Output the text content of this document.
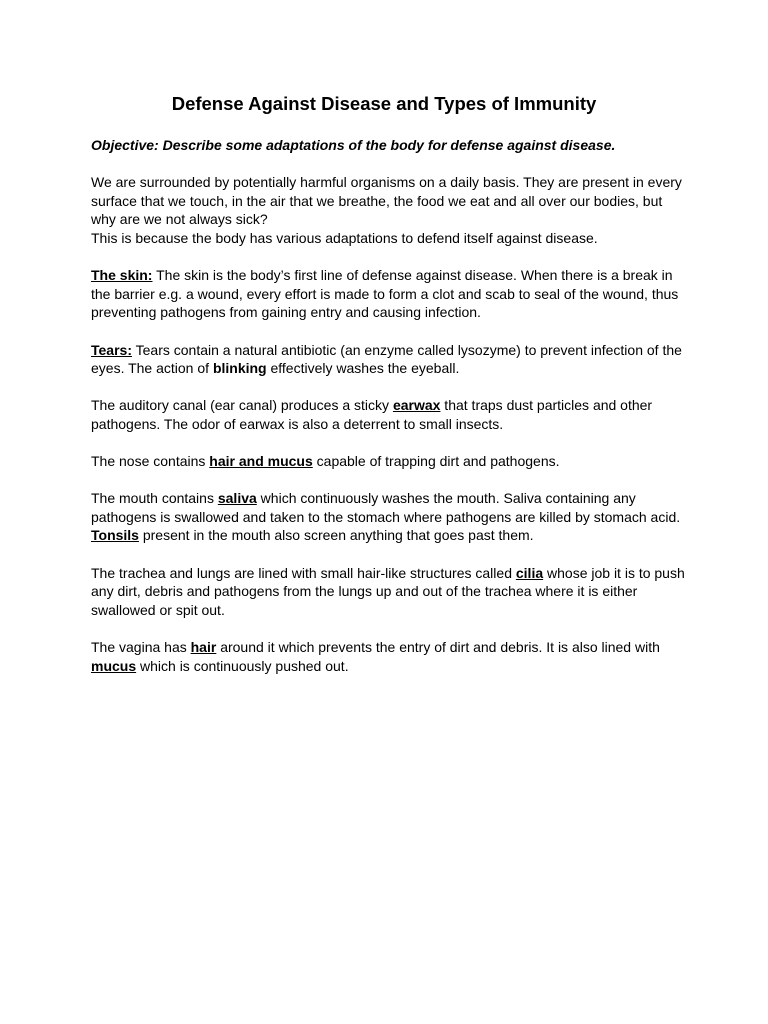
Defense Against Disease and Types of Immunity

Objective: Describe some adaptations of the body for defense against disease.

We are surrounded by potentially harmful organisms on a daily basis. They are present in every surface that we touch, in the air that we breathe, the food we eat and all over our bodies, but why are we not always sick?

This is because the body has various adaptations to defend itself against disease.

The skin: The skin is the body’s first line of defense against disease. When there is a break in the barrier e.g. a wound, every effort is made to form a clot and scab to seal of the wound, thus preventing pathogens from gaining entry and causing infection.

Tears: Tears contain a natural antibiotic (an enzyme called lysozyme) to prevent infection of the eyes. The action of blinking effectively washes the eyeball.

The auditory canal (ear canal) produces a sticky earwax that traps dust particles and other pathogens. The odor of earwax is also a deterrent to small insects.

The nose contains hair and mucus capable of trapping dirt and pathogens.

The mouth contains saliva which continuously washes the mouth. Saliva containing any pathogens is swallowed and taken to the stomach where pathogens are killed by stomach acid.
Tonsils present in the mouth also screen anything that goes past them.

The trachea and lungs are lined with small hair-like structures called cilia whose job it is to push any dirt, debris and pathogens from the lungs up and out of the trachea where it is either swallowed or spit out.

The vagina has hair around it which prevents the entry of dirt and debris. It is also lined with
mucus which is continuously pushed out.
